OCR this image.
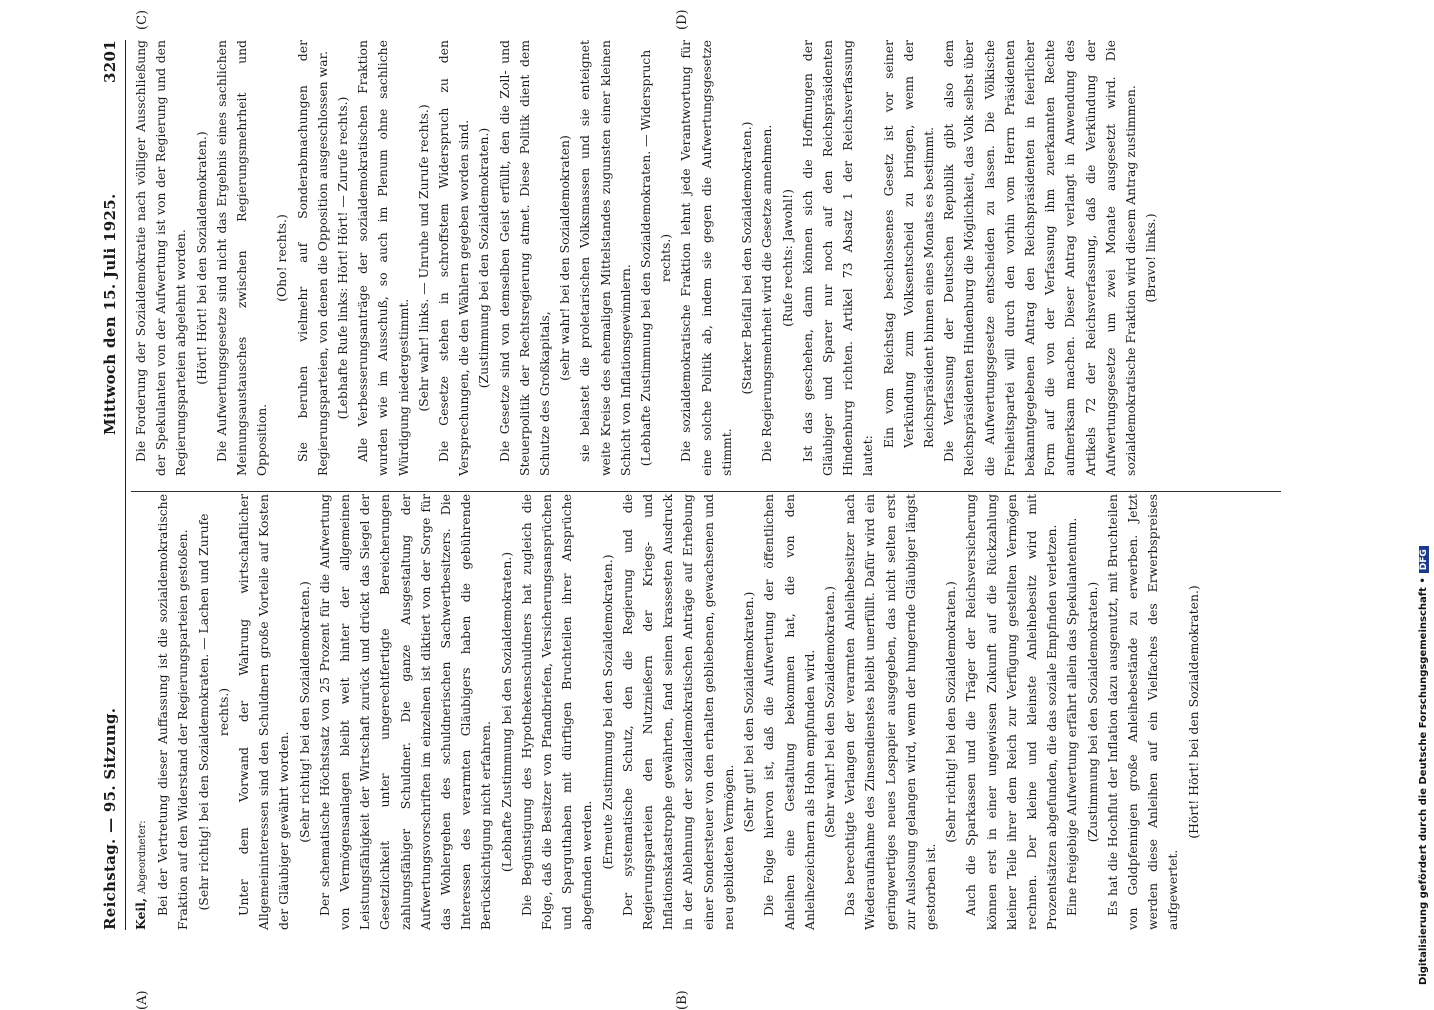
Reichstag. — 95. Sitzung.
Mittwoch den 15. Juli 1925.
3201
(A)	(B)
(C)	(D)

Keil, Abgeordneter: Bei der Vertretung dieser Auffassung ist die sozialdemokratische Fraktion auf den Widerstand der Regierungsparteien gestoßen. (Sehr richtig! bei den Sozialdemokraten. — Lachen und Zurufe rechts.) Unter dem Vorwand der Wahrung wirtschaftlicher Allgemeininteressen sind den Schuldnern große Vorteile auf Kosten der Gläubiger gewährt worden. (Sehr richtig! bei den Sozialdemokraten.) Der schematische Höchstsatz von 25 Prozent für die Aufwertung von Vermögensanlagen bleibt weit hinter der allgemeinen Leistungsfähigkeit der Wirtschaft zurück und drückt das Siegel der Gesetzlichkeit unter ungerechtfertigte Bereicherungen zahlungsfähiger Schuldner. Die ganze Ausgestaltung der Aufwertungsvorschriften im einzelnen ist diktiert von der Sorge für das Wohlergehen des schuldnerischen Sachwertbesitzers. Die Interessen des verarmten Gläubigers haben die gebührende Berücksichtigung nicht erfahren. (Lebhafte Zustimmung bei den Sozialdemokraten.) Die Begünstigung des Hypothekenschuldners hat zugleich die Folge, daß die Besitzer von Pfandbriefen, Versicherungsansprüchen und Sparguthaben mit dürftigen Bruchteilen ihrer Ansprüche abgefunden werden. (Erneute Zustimmung bei den Sozialdemokraten.) Der systematische Schutz, den die Regierung und die Regierungsparteien den Nutznießern der Kriegs- und Inflationskatastrophe gewährten, fand seinen krassesten Ausdruck in der Ablehnung der sozialdemokratischen Anträge auf Erhebung einer Sondersteuer von den erhalten gebliebenen, gewachsenen und neu gebildeten Vermögen.

(Sehr gut! bei den Sozialdemokraten.) Die Folge hiervon ist, daß die Aufwertung der öffentlichen Anleihen eine Gestaltung bekommen hat, die von den Anleihezeichnern als Hohn empfunden wird. (Sehr wahr! bei den Sozialdemokraten.) Das berechtigte Verlangen der verarmten Anleihebesitzer nach Wiederaufnahme des Zinsendienstes bleibt unerfüllt. Dafür wird ein geringwertiges neues Lospapier ausgegeben, das nicht selten erst zur Auslosung gelangen wird, wenn der hungernde Gläubiger längst gestorben ist.

(Sehr richtig! bei den Sozialdemokraten.) Auch die Sparkassen und die Träger der Reichsversicherung können erst in einer ungewissen Zukunft auf die Rückzahlung kleiner Teile ihrer dem Reich zur Verfügung gestellten Vermögen rechnen. Der kleine und kleinste Anleihebesitz wird mit Prozentsätzen abgefunden, die das soziale Empfinden verletzen. Eine freigebige Aufwertung erfährt allein das Spekulantentum. (Zustimmung bei den Sozialdemokraten.) Es hat die Hochflut der Inflation dazu ausgenutzt, mit Bruchteilen von Goldpfennigen große Anleihebestände zu erwerben. Jetzt werden diese Anleihen auf ein Vielfaches des Erwerbspreises aufgewertet.

(Hört! Hört! bei den Sozialdemokraten.)

Die Forderung der Sozialdemokratie nach völliger Ausschließung der Spekulanten von der Aufwertung ist von der Regierung und den Regierungsparteien abgelehnt worden. (Hört! Hört! bei den Sozialdemokraten.) Die Aufwertungsgesetze sind nicht das Ergebnis eines sachlichen Meinungsaustausches zwischen Regierungsmehrheit und Opposition.

(Oho! rechts.) Sie beruhen vielmehr auf Sonderabmachungen der Regierungsparteien, von denen die Opposition ausgeschlossen war. (Lebhafte Rufe links: Hört! Hört! — Zurufe rechts.) Alle Verbesserungsanträge der sozialdemokratischen Fraktion wurden wie im Ausschuß, so auch im Plenum ohne sachliche Würdigung niedergestimmt. (Sehr wahr! links. — Unruhe und Zurufe rechts.) Die Gesetze stehen in schroffstem Widerspruch zu den Versprechungen, die den Wählern gegeben worden sind. (Zustimmung bei den Sozialdemokraten.) Die Gesetze sind von demselben Geist erfüllt, den die Zoll- und Steuerpolitik der Rechtsregierung atmet. Diese Politik dient dem Schutze des Großkapitals,

(sehr wahr! bei den Sozialdemokraten) sie belastet die proletarischen Volksmassen und sie enteignet weite Kreise des ehemaligen Mittelstandes zugunsten einer kleinen Schicht von Inflationsgewinnlern. (Lebhafte Zustimmung bei den Sozialdemokraten. — Widerspruch rechts.) Die sozialdemokratische Fraktion lehnt jede Verantwortung für eine solche Politik ab, indem sie gegen die Aufwertungsgesetze stimmt.

(Starker Beifall bei den Sozialdemokraten.) Die Regierungsmehrheit wird die Gesetze annehmen. (Rufe rechts: Jawohl!) Ist das geschehen, dann können sich die Hoffnungen der Gläubiger und Sparer nur noch auf den Reichspräsidenten Hindenburg richten. Artikel 73 Absatz 1 der Reichsverfassung lautet:

Ein vom Reichstag beschlossenes Gesetz ist vor seiner Verkündung zum Volksentscheid zu bringen, wenn der Reichspräsident binnen eines Monats es bestimmt. Die Verfassung der Deutschen Republik gibt also dem Reichspräsidenten Hindenburg die Möglichkeit, das Volk selbst über die Aufwertungsgesetze entscheiden zu lassen. Die Völkische Freiheitspartei will durch den vorhin vom Herrn Präsidenten bekanntgegebenen Antrag den Reichspräsidenten in feierlicher Form auf die von der Verfassung ihm zuerkannten Rechte aufmerksam machen. Dieser Antrag verlangt in Anwendung des Artikels 72 der Reichsverfassung, daß die Verkündung der Aufwertungsgesetze um zwei Monate ausgesetzt wird. Die sozialdemokratische Fraktion wird diesem Antrag zustimmen. (Bravo! links.)

Digitalisierung gefördert durch die Deutsche Forschungsgemeinschaft •DFG
